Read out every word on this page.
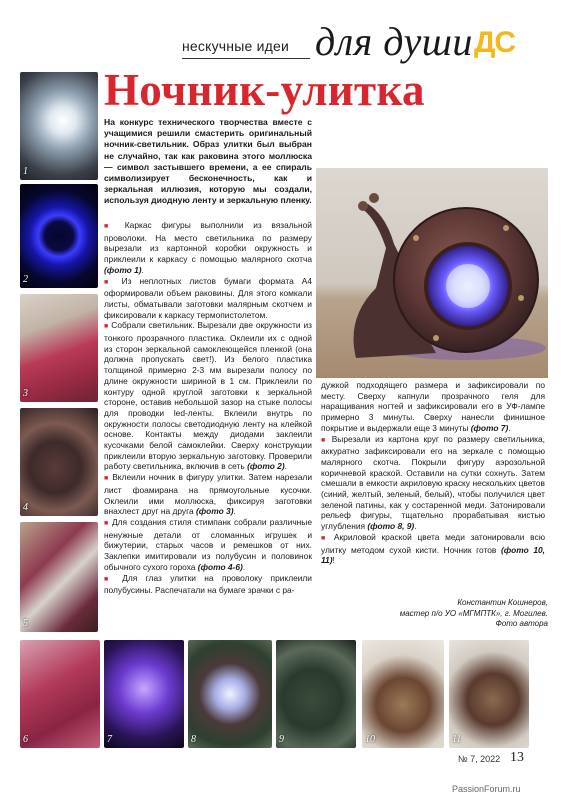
нескучные идеи для души ДС
Ночник-улитка
1
2
3
4
5
На конкурс технического творчества вместе с учащимися решили смастерить оригинальный ночник-светильник. Образ улитки был выбран не случайно, так как раковина этого моллюска — символ застывшего времени, а ее спираль символизирует бесконечность, как и зеркальная иллюзия, которую мы создали, используя диодную ленту и зеркальную пленку.

■ Каркас фигуры выполнили из вязальной проволоки. На место светильника по размеру вырезали из картонной коробки окружность и приклеили к каркасу с помощью малярного скотча (фото 1).

■ Из неплотных листов бумаги формата А4 оформировали объем раковины. Для этого комкали листы, обматывали заготовки малярным скотчем и фиксировали к каркасу термопистолетом.

■ Собрали светильник. Вырезали две окружности из тонкого прозрачного пластика. Оклеили их с одной из сторон зеркальной самоклеющейся пленкой (она должна пропускать свет!). Из белого пластика толщиной примерно 2-3 мм вырезали полосу по длине окружности шириной в 1 см. Приклеили по контуру одной круглой заготовки к зеркальной стороне, оставив небольшой зазор на стыке полосы для проводки led-ленты. Вклеили внутрь по окружности полосы светодиодную ленту на клейкой основе. Контакты между диодами заклеили кусочками белой самоклейки. Сверху конструкции приклеили вторую зеркальную заготовку. Проверили работу светильника, включив в сеть (фото 2).

■ Вклеили ночник в фигуру улитки. Затем нарезали лист фоамирана на прямоугольные кусочки. Оклеили ими моллюска, фиксируя заготовки внахлест друг на друга (фото 3).

■ Для создания стиля стимпанк собрали различные ненужные детали от сломанных игрушек и бижутерии, старых часов и ремешков от них. Заклепки имитировали из полубусин и половинок обычного сухого гороха (фото 4-6).

■ Для глаз улитки на проволоку приклеили полубусины. Распечатали на бумаге зрачки с ра-

дужкой подходящего размера и зафиксировали по месту. Сверху капнули прозрачного геля для наращивания ногтей и зафиксировали его в УФ-лампе примерно 3 минуты. Сверху нанесли финишное покрытие и выдержали еще 3 минуты (фото 7).

■ Вырезали из картона круг по размеру светильника, аккуратно зафиксировали его на зеркале с помощью малярного скотча. Покрыли фигуру аэрозольной коричневой краской. Оставили на сутки сохнуть. Затем смешали в емкости акриловую краску нескольких цветов (синий, желтый, зеленый, белый), чтобы получился цвет зеленой патины, как у состаренной меди. Затонировали рельеф фигуры, тщательно прорабатывая кистью углубления (фото 8, 9).

■ Акриловой краской цвета меди затонировали всю улитку методом сухой кисти. Ночник готов (фото 10, 11)!

Константин Кошнеров,
мастер п/о УО «МГМПТК», г. Могилев.
Фото автора
6	7	8	9	10	11
№ 7, 2022 13
PassionForum.ru
